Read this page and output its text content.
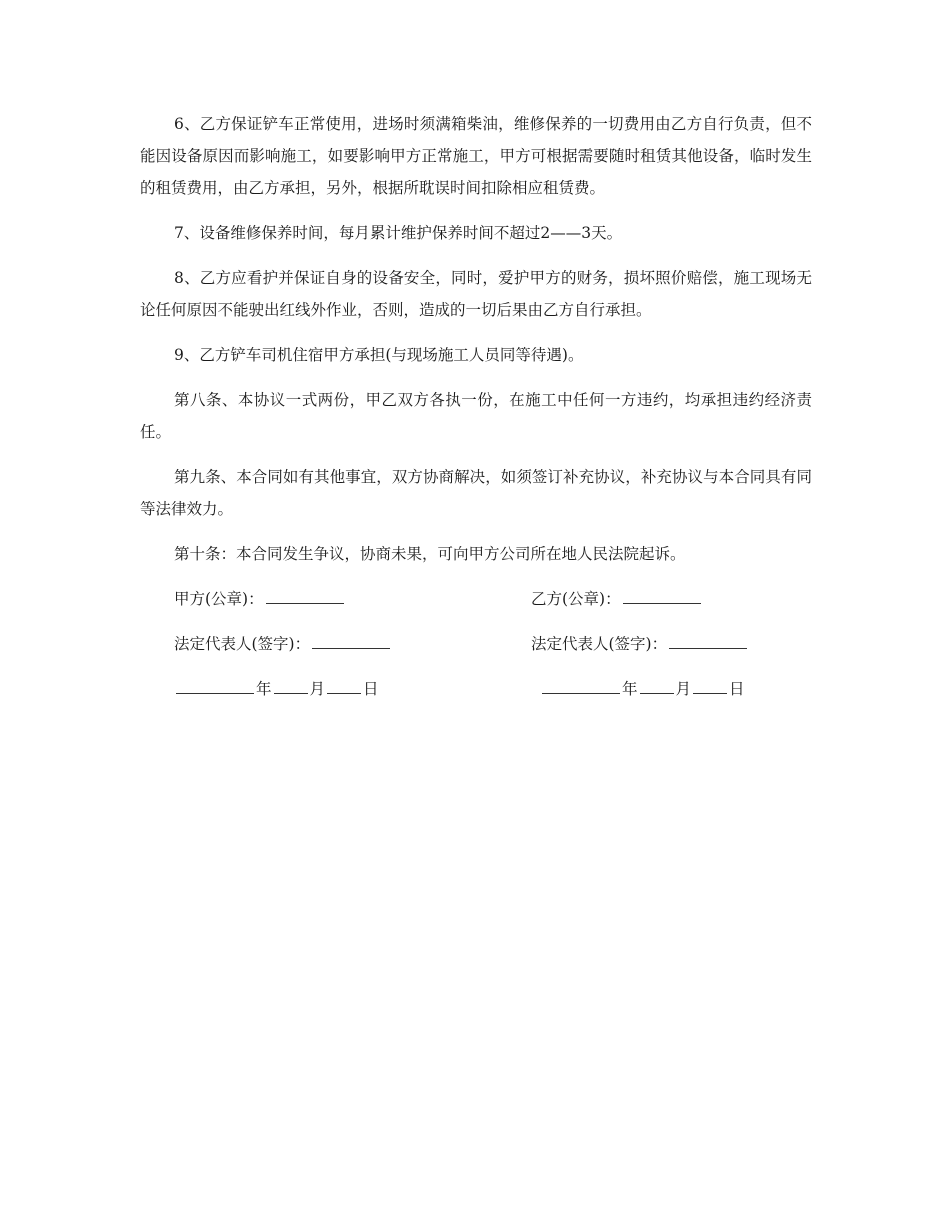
6、乙方保证铲车正常使用，进场时须满箱柴油，维修保养的一切费用由乙方自行负责，但不能因设备原因而影响施工，如要影响甲方正常施工，甲方可根据需要随时租赁其他设备，临时发生的租赁费用，由乙方承担，另外，根据所耽误时间扣除相应租赁费。

7、设备维修保养时间，每月累计维护保养时间不超过2——3天。

8、乙方应看护并保证自身的设备安全，同时，爱护甲方的财务，损坏照价赔偿，施工现场无论任何原因不能驶出红线外作业，否则，造成的一切后果由乙方自行承担。

9、乙方铲车司机住宿甲方承担(与现场施工人员同等待遇)。

第八条、本协议一式两份，甲乙双方各执一份，在施工中任何一方违约，均承担违约经济责任。

第九条、本合同如有其他事宜，双方协商解决，如须签订补充协议，补充协议与本合同具有同等法律效力。

第十条：本合同发生争议，协商未果，可向甲方公司所在地人民法院起诉。

甲方(公章)：	乙方(公章)：
法定代表人(签字)：	法定代表人(签字)：
年 月 日	年 月 日
